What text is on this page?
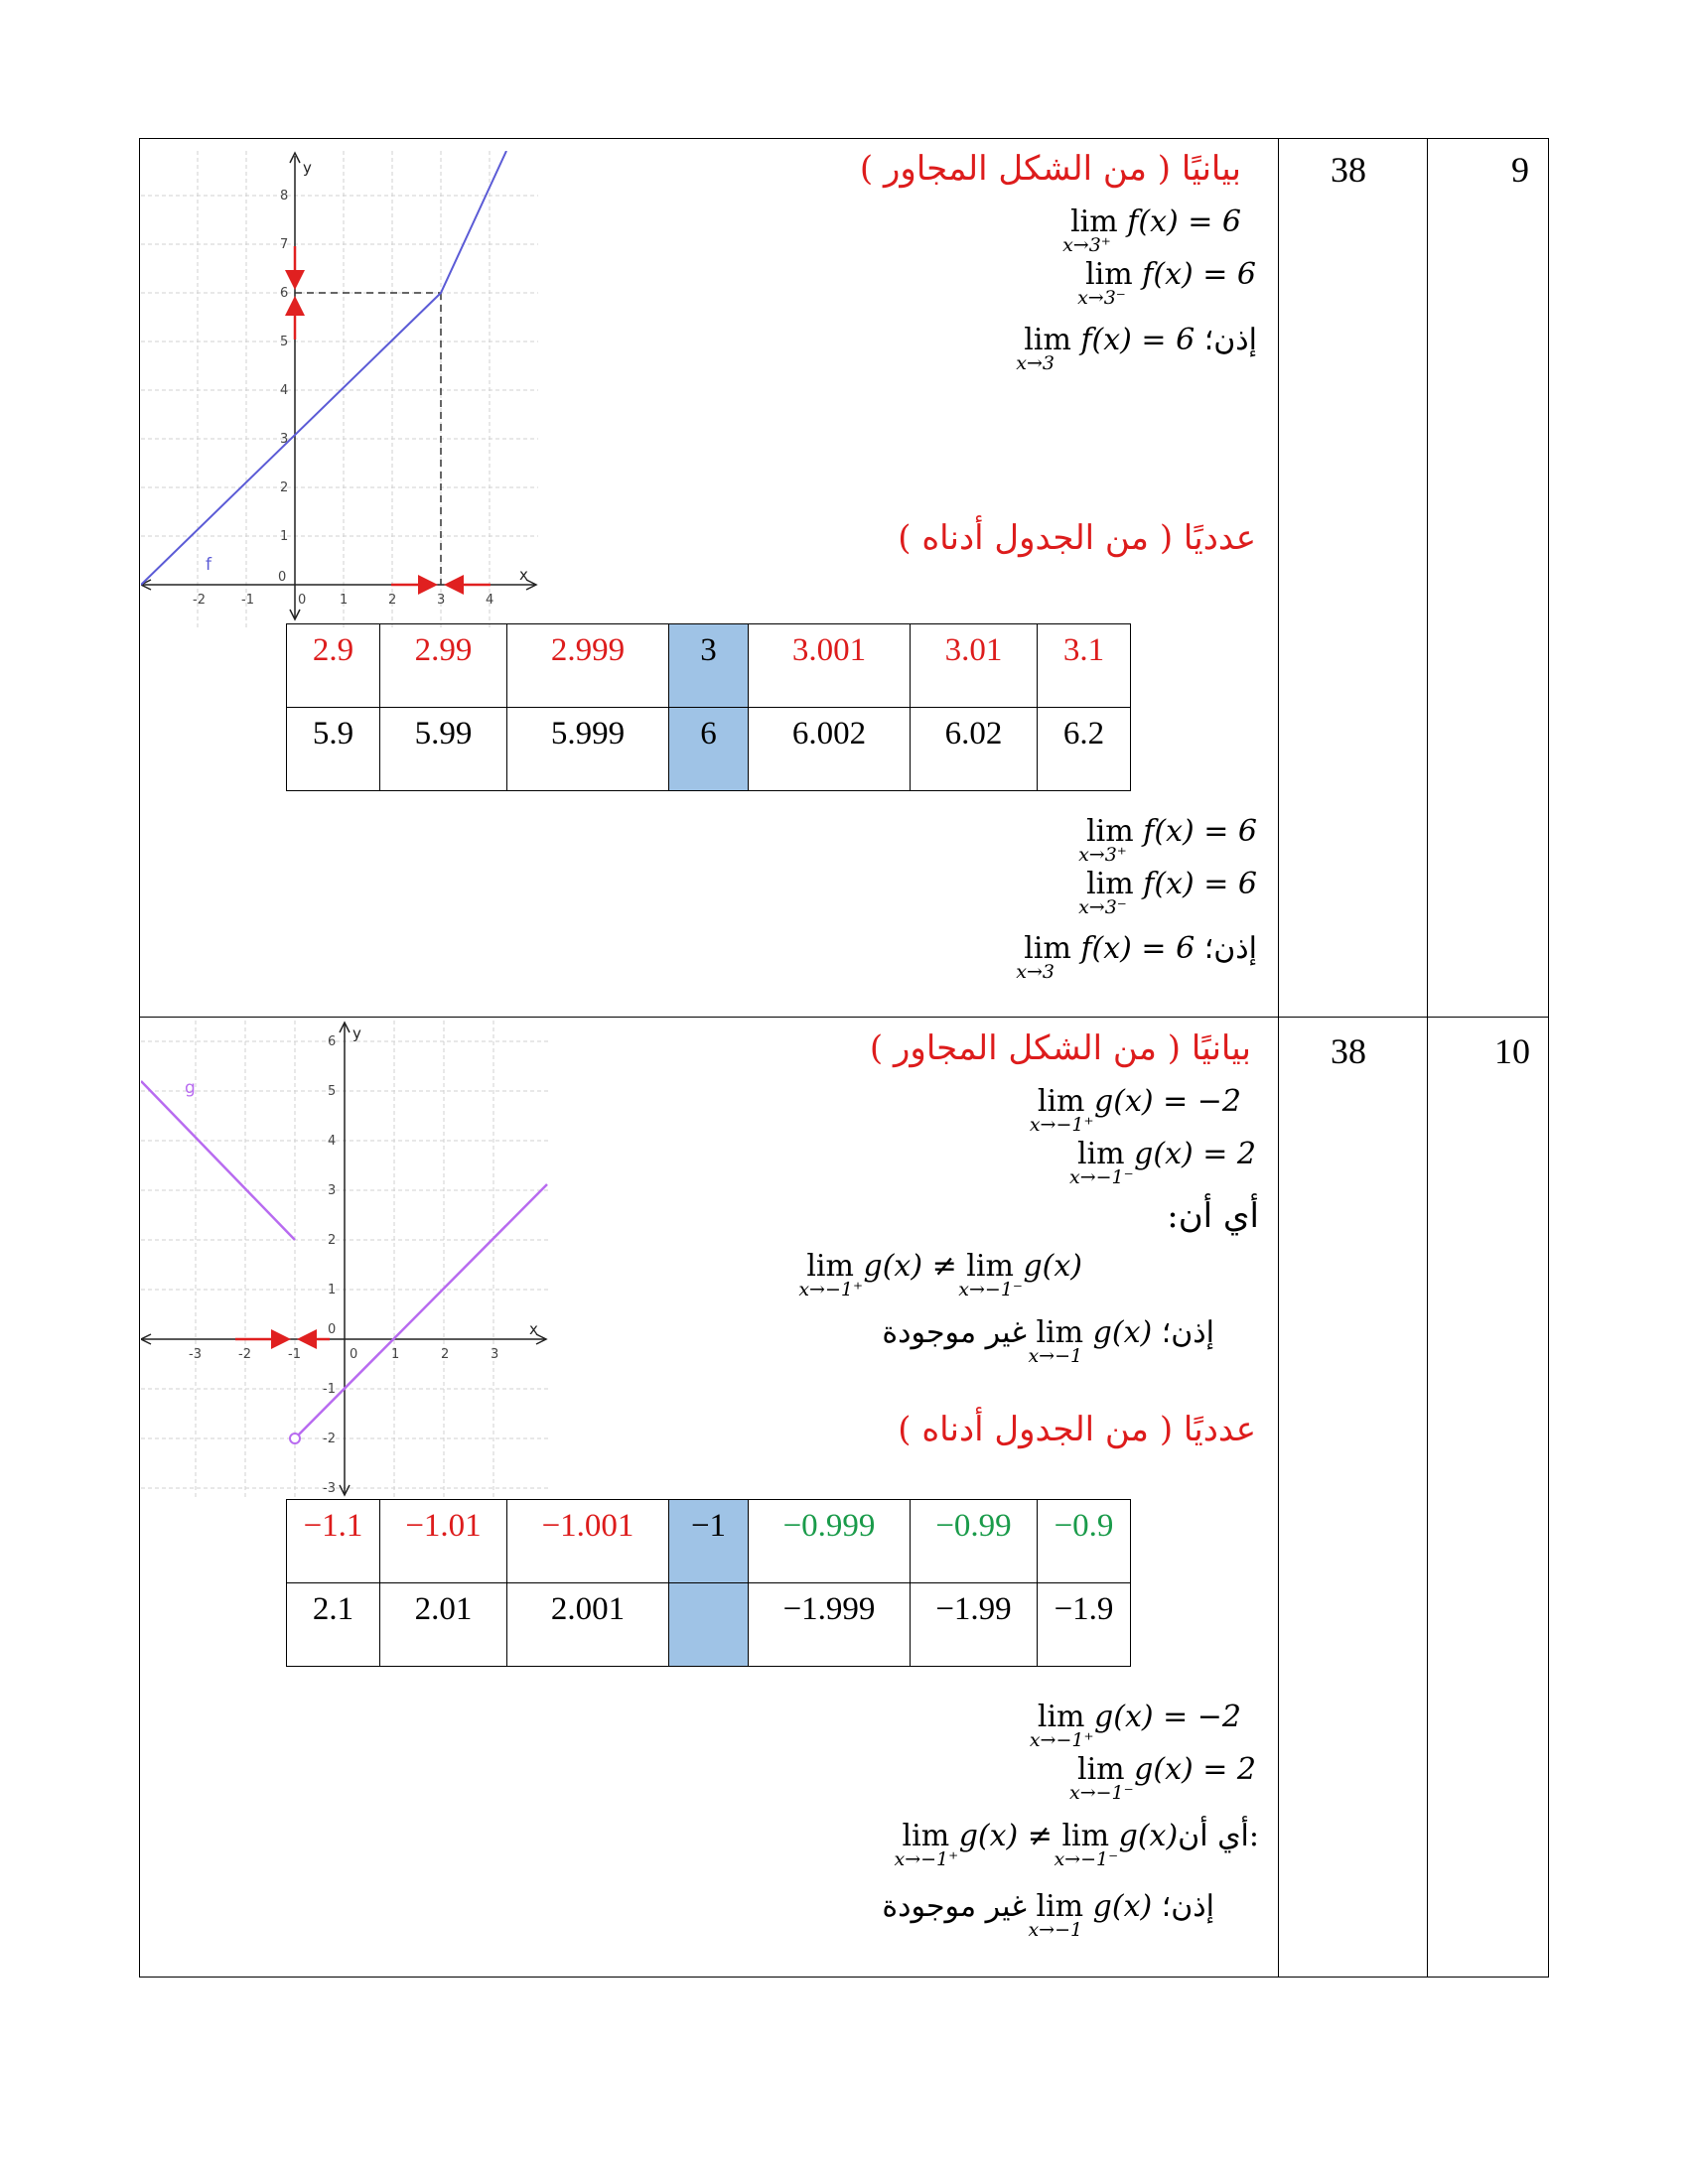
9
38
-2	-1	1	2	3	4
8
7
6
5
4
3
2
1
0
0
y
x
f
بيانيًا ( من الشكل المجاور )
lim
x→3⁺
f(x) = 6
lim
x→3⁻
f(x) = 6
lim
x→3
f(x) = 6 إذن؛
عدديًا ( من الجدول أدناه )
2.9	2.99	2.999	3	3.001	3.01	3.1
5.9	5.99	5.999	6	6.002	6.02	6.2
lim
x→3⁺
f(x) = 6
lim
x→3⁻
f(x) = 6
lim
x→3
f(x) = 6 إذن؛
10
38
-3	-2	-1	1	2	3
6
5
4
3
2
1
-1
-2
-3
0
0
y
x
g
بيانيًا ( من الشكل المجاور )
lim
x→−1⁺
g(x) = −2
lim
x→−1⁻
g(x) = 2
أي أن:
lim
x→−1⁺
g(x) ≠ lim
x→−1⁻
g(x)
غير موجودة lim
x→−1
g(x) إذن؛
عدديًا ( من الجدول أدناه )
−1.1	−1.01	−1.001	−1	−0.999	−0.99	−0.9
2.1	2.01	2.001		−1.999	−1.99	−1.9
lim
x→−1⁺
g(x) = −2
lim
x→−1⁻
g(x) = 2
lim
x→−1⁺
g(x) ≠ lim
x→−1⁻
g(x)أي أن:
غير موجودة lim
x→−1
g(x) إذن؛
